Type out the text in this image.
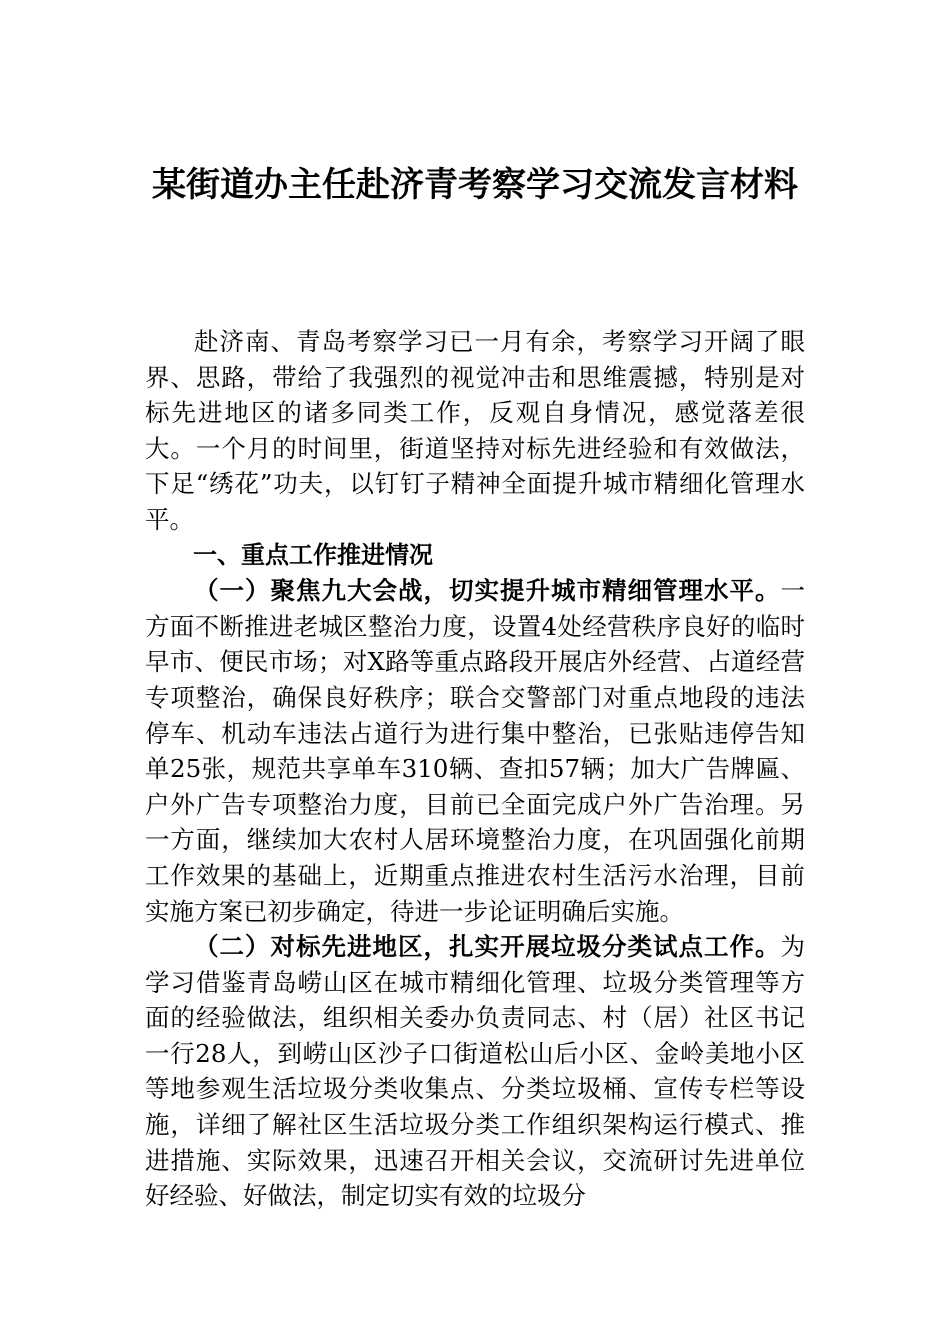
某街道办主任赴济青考察学习交流发言材料

赴济南、青岛考察学习已一月有余，考察学习开阔了眼界、思路，带给了我强烈的视觉冲击和思维震撼，特别是对标先进地区的诸多同类工作，反观自身情况，感觉落差很大。一个月的时间里，街道坚持对标先进经验和有效做法，下足“绣花”功夫，以钉钉子精神全面提升城市精细化管理水平。

一、重点工作推进情况

（一）聚焦九大会战，切实提升城市精细管理水平。一方面不断推进老城区整治力度，设置4处经营秩序良好的临时早市、便民市场；对X路等重点路段开展店外经营、占道经营专项整治，确保良好秩序；联合交警部门对重点地段的违法停车、机动车违法占道行为进行集中整治，已张贴违停告知单25张，规范共享单车310辆、查扣57辆；加大广告牌匾、户外广告专项整治力度，目前已全面完成户外广告治理。另一方面，继续加大农村人居环境整治力度，在巩固强化前期工作效果的基础上，近期重点推进农村生活污水治理，目前实施方案已初步确定，待进一步论证明确后实施。

（二）对标先进地区，扎实开展垃圾分类试点工作。为学习借鉴青岛崂山区在城市精细化管理、垃圾分类管理等方面的经验做法，组织相关委办负责同志、村（居）社区书记一行28人，到崂山区沙子口街道松山后小区、金岭美地小区等地参观生活垃圾分类收集点、分类垃圾桶、宣传专栏等设施，详细了解社区生活垃圾分类工作组织架构运行模式、推进措施、实际效果，迅速召开相关会议，交流研讨先进单位好经验、好做法，制定切实有效的垃圾分
